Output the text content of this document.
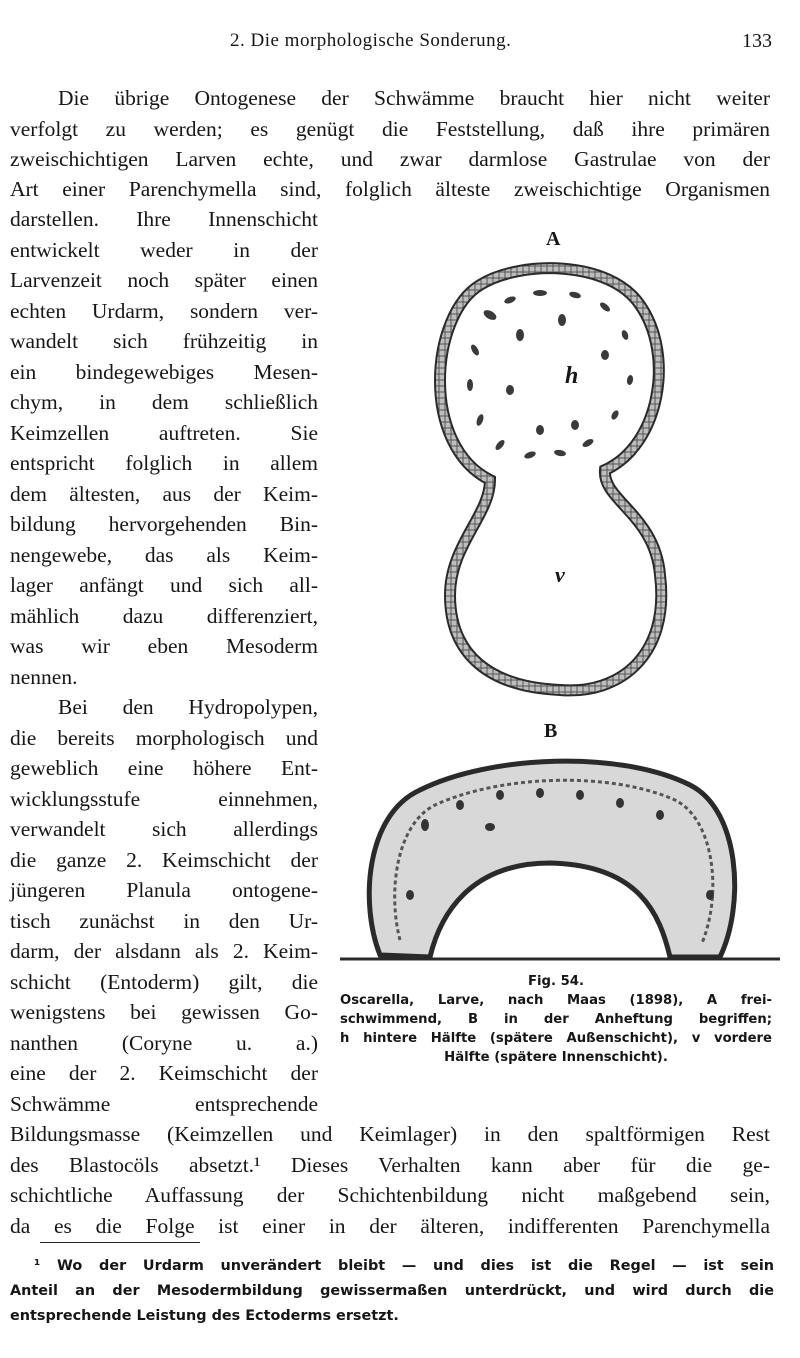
2. Die morphologische Sonderung.	133
Die übrige Ontogenese der Schwämme braucht hier nicht weiter
verfolgt zu werden; es genügt die Feststellung, daß ihre primären
zweischichtigen Larven echte, und zwar darmlose Gastrulae von der
Art einer Parenchymella sind, folglich älteste zweischichtige Organismen
darstellen. Ihre Innenschicht
entwickelt weder in der
Larvenzeit noch später einen
echten Urdarm, sondern ver-
wandelt sich frühzeitig in
ein bindegewebiges Mesen-
chym, in dem schließlich
Keimzellen auftreten. Sie
entspricht folglich in allem
dem ältesten, aus der Keim-
bildung hervorgehenden Bin-
nengewebe, das als Keim-
lager anfängt und sich all-
mählich dazu differenziert,
was wir eben Mesoderm
nennen.
Bei den Hydropolypen,
die bereits morphologisch und
geweblich eine höhere Ent-
wicklungsstufe einnehmen,
verwandelt sich allerdings
die ganze 2. Keimschicht der
jüngeren Planula ontogene-
tisch zunächst in den Ur-
darm, der alsdann als 2. Keim-
schicht (Entoderm) gilt, die
wenigstens bei gewissen Go-
nanthen (Coryne u. a.)
eine der 2. Keimschicht der
Schwämme entsprechende
Bildungsmasse (Keimzellen und Keimlager) in den spaltförmigen Rest
des Blastocöls absetzt.¹ Dieses Verhalten kann aber für die ge-
schichtliche Auffassung der Schichtenbildung nicht maßgebend sein,
da es die Folge ist einer in der älteren, indifferenten Parenchymella
A
h
v
B
Fig. 54.
Oscarella, Larve, nach Maas (1898), A frei-
schwimmend, B in der Anheftung begriffen;
h hintere Hälfte (spätere Außenschicht), v vordere
Hälfte (spätere Innenschicht).
¹ Wo der Urdarm unverändert bleibt — und dies ist die Regel — ist sein
Anteil an der Mesodermbildung gewissermaßen unterdrückt, und wird durch die
entsprechende Leistung des Ectoderms ersetzt.
